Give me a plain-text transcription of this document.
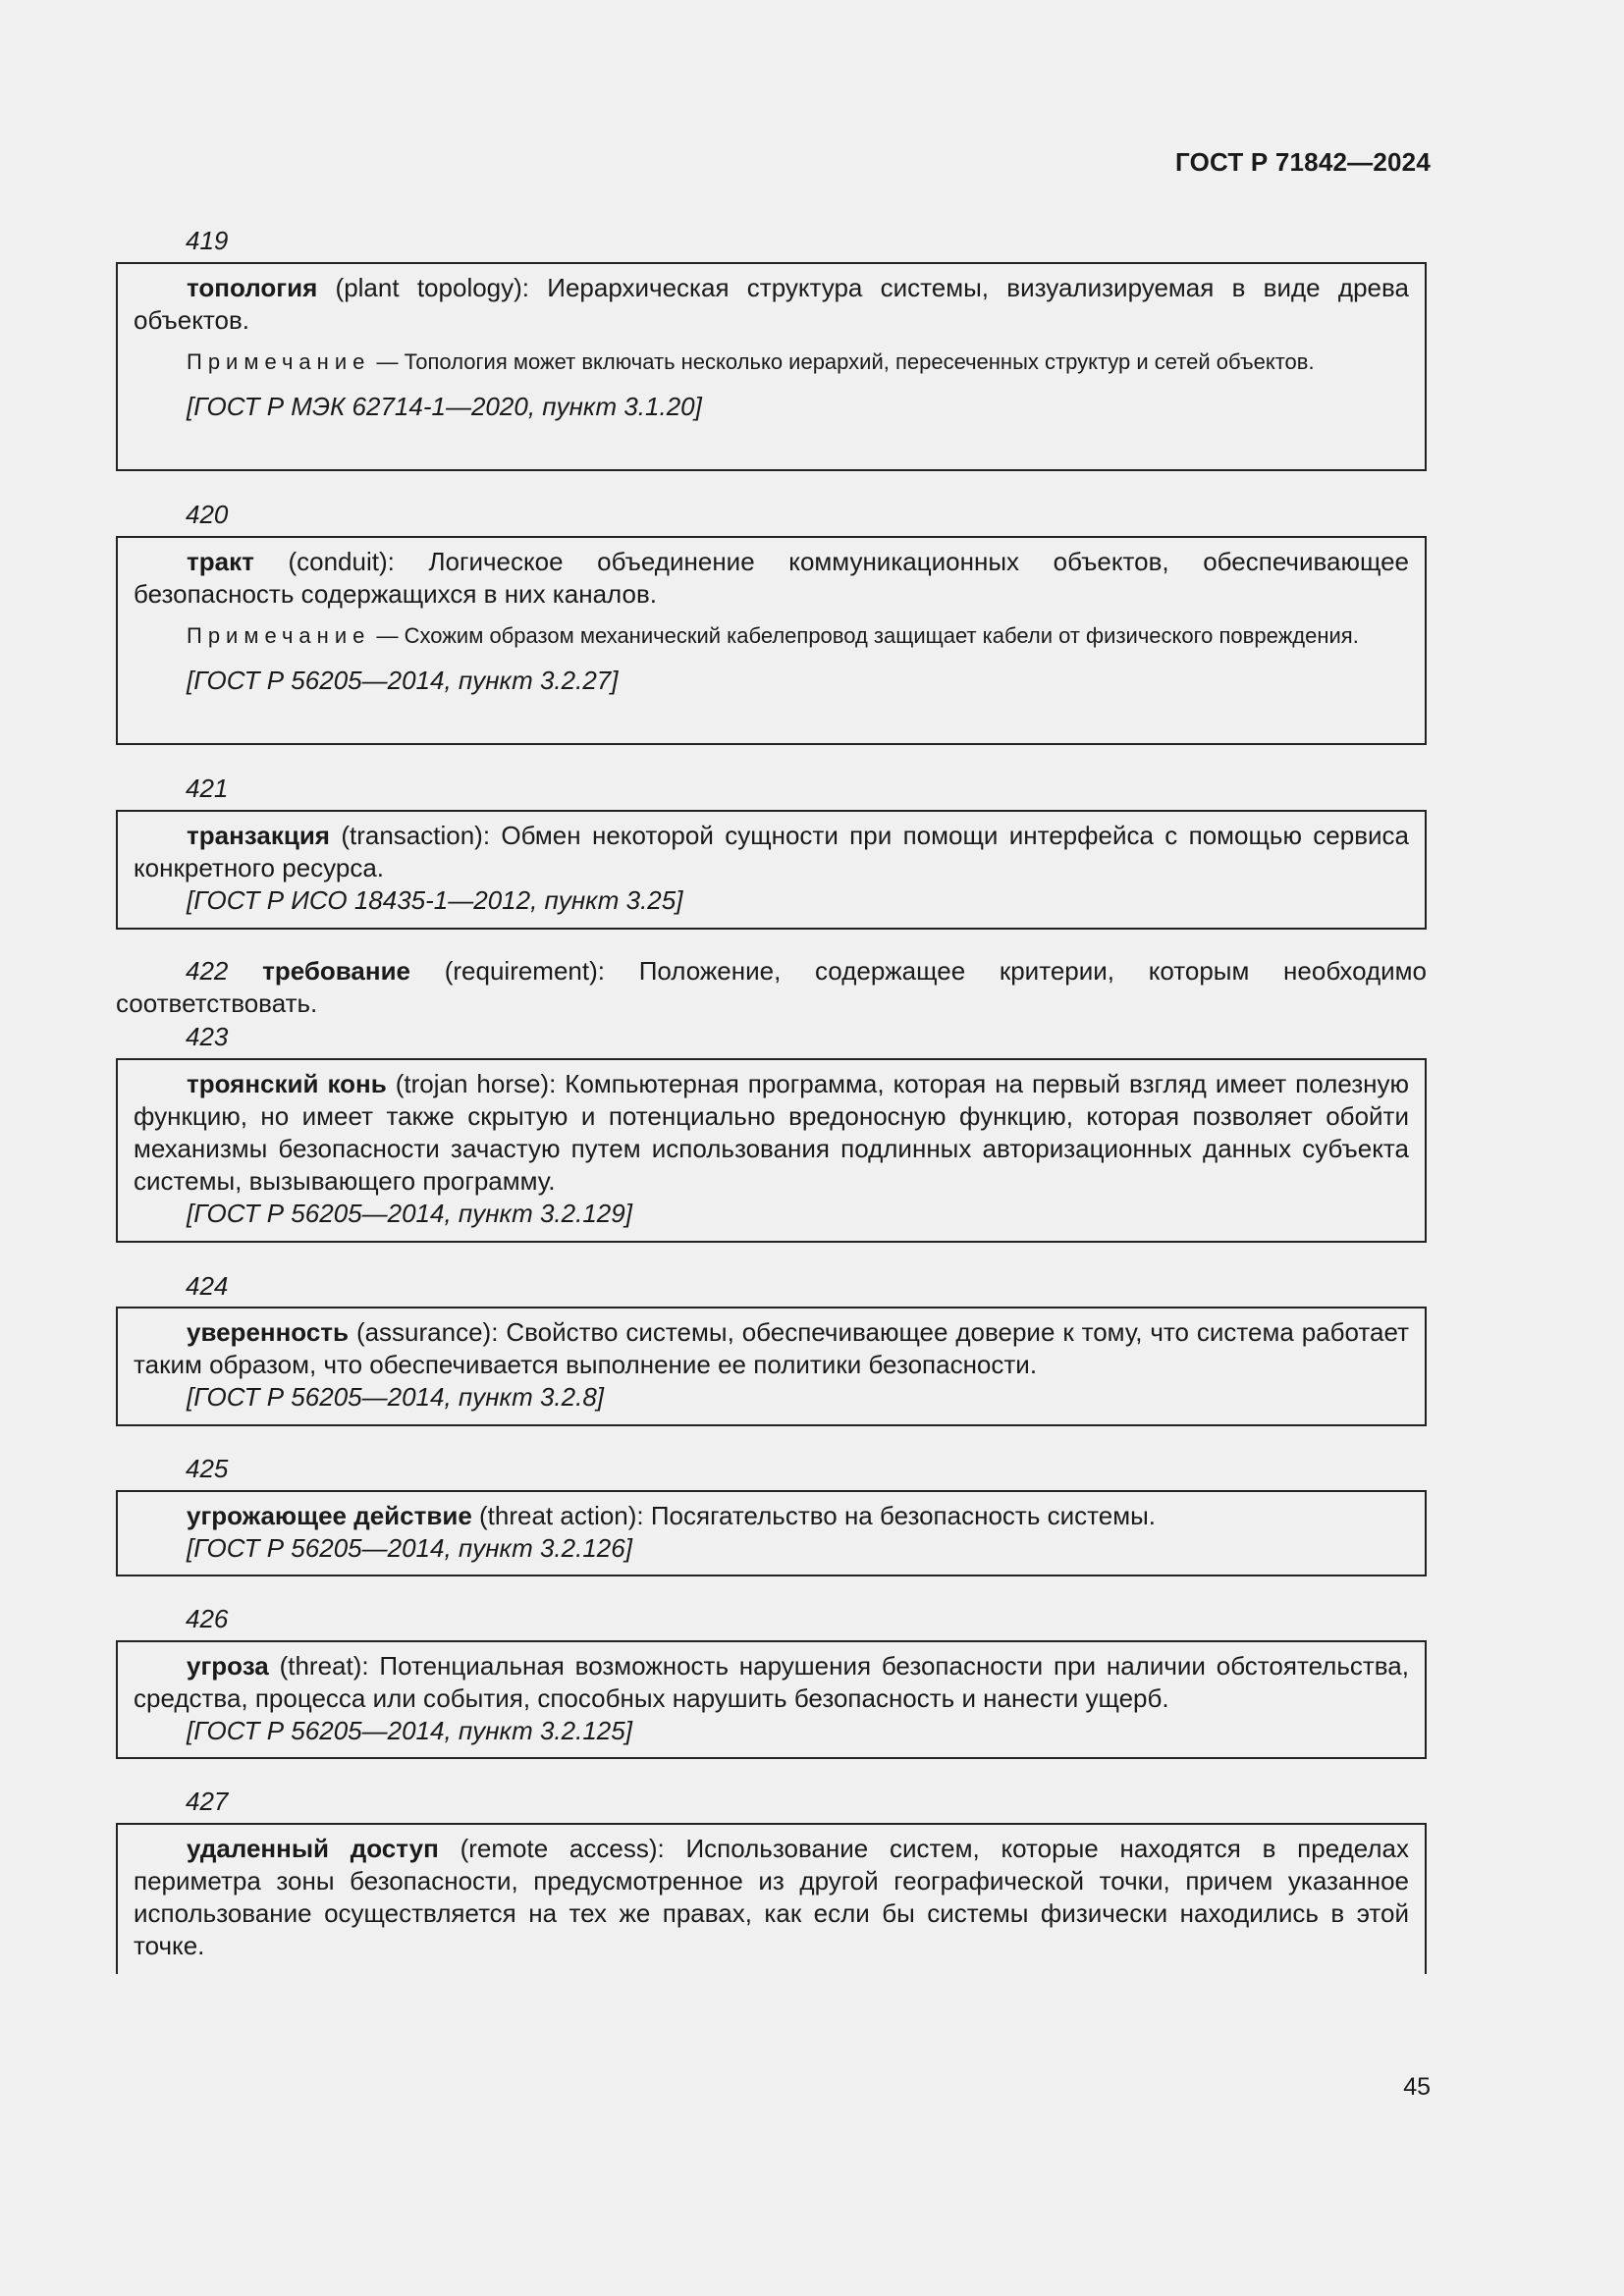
ГОСТ Р 71842—2024
419

топология (plant topology): Иерархическая структура системы, визуализируемая в виде древа объектов.

Примечание — Топология может включать несколько иерархий, пересеченных структур и сетей объектов.

[ГОСТ Р МЭК 62714-1—2020, пункт 3.1.20]

420

тракт (conduit): Логическое объединение коммуникационных объектов, обеспечивающее безопасность содержащихся в них каналов.

Примечание — Схожим образом механический кабелепровод защищает кабели от физического повреждения.

[ГОСТ Р 56205—2014, пункт 3.2.27]

421

транзакция (transaction): Обмен некоторой сущности при помощи интерфейса с помощью сервиса конкретного ресурса.

[ГОСТ Р ИСО 18435-1—2012, пункт 3.25]

422 требование (requirement): Положение, содержащее критерии, которым необходимо соответствовать.

423

троянский конь (trojan horse): Компьютерная программа, которая на первый взгляд имеет полезную функцию, но имеет также скрытую и потенциально вредоносную функцию, которая позволяет обойти механизмы безопасности зачастую путем использования подлинных авторизационных данных субъекта системы, вызывающего программу.

[ГОСТ Р 56205—2014, пункт 3.2.129]

424

уверенность (assurance): Свойство системы, обеспечивающее доверие к тому, что система работает таким образом, что обеспечивается выполнение ее политики безопасности.

[ГОСТ Р 56205—2014, пункт 3.2.8]

425

угрожающее действие (threat action): Посягательство на безопасность системы.

[ГОСТ Р 56205—2014, пункт 3.2.126]

426

угроза (threat): Потенциальная возможность нарушения безопасности при наличии обстоятельства, средства, процесса или события, способных нарушить безопасность и нанести ущерб.

[ГОСТ Р 56205—2014, пункт 3.2.125]

427

удаленный доступ (remote access): Использование систем, которые находятся в пределах периметра зоны безопасности, предусмотренное из другой географической точки, причем указанное использование осуществляется на тех же правах, как если бы системы физически находились в этой точке.

45
